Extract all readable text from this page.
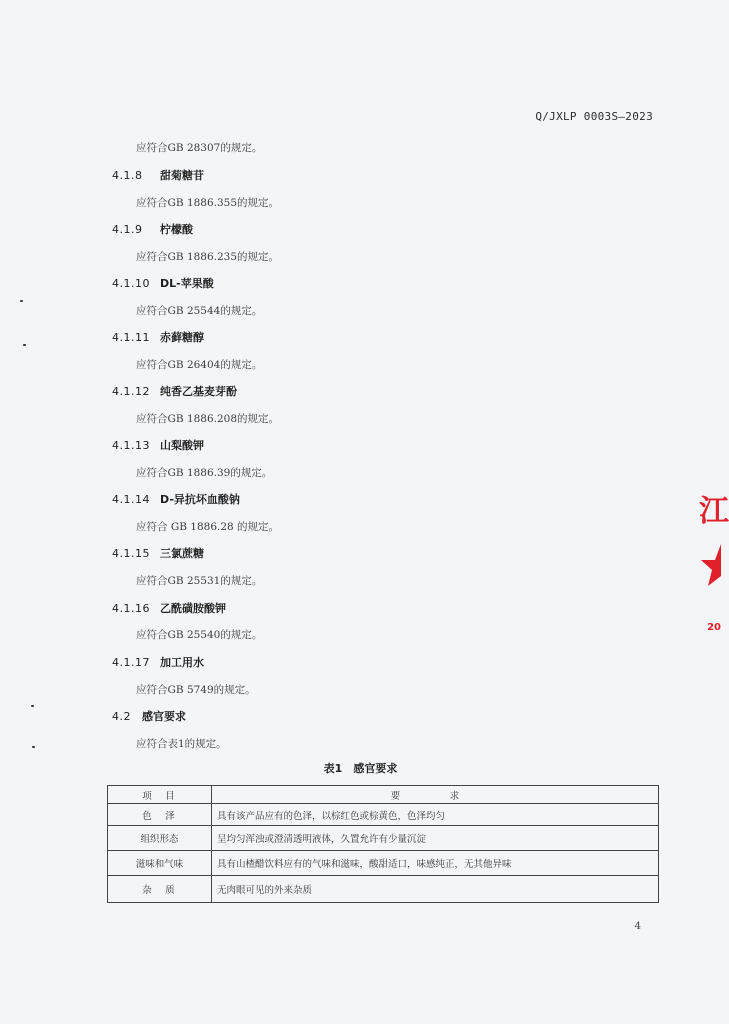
Q/JXLP 0003S—2023
应符合GB 28307的规定。
4.1.8 甜菊糖苷
应符合GB 1886.355的规定。
4.1.9 柠檬酸
应符合GB 1886.235的规定。
4.1.10 DL-苹果酸
应符合GB 25544的规定。
4.1.11 赤藓糖醇
应符合GB 26404的规定。
4.1.12 纯香乙基麦芽酚
应符合GB 1886.208的规定。
4.1.13 山梨酸钾
应符合GB 1886.39的规定。
4.1.14 D-异抗坏血酸钠
应符合 GB 1886.28 的规定。
4.1.15 三氯蔗糖
应符合GB 25531的规定。
4.1.16 乙酰磺胺酸钾
应符合GB 25540的规定。
4.1.17 加工用水
应符合GB 5749的规定。
4.2 感官要求
应符合表1的规定。
表1　感官要求
项　目	要　求
色　泽	具有该产品应有的色泽，以棕红色或棕黄色，色泽均匀
组织形态	呈均匀浑浊或澄清透明液体，久置允许有少量沉淀
滋味和气味	具有山楂醋饮料应有的气味和滋味，酸甜适口，味感纯正，无其他异味
杂　质	无肉眼可见的外来杂质
4
江
20
